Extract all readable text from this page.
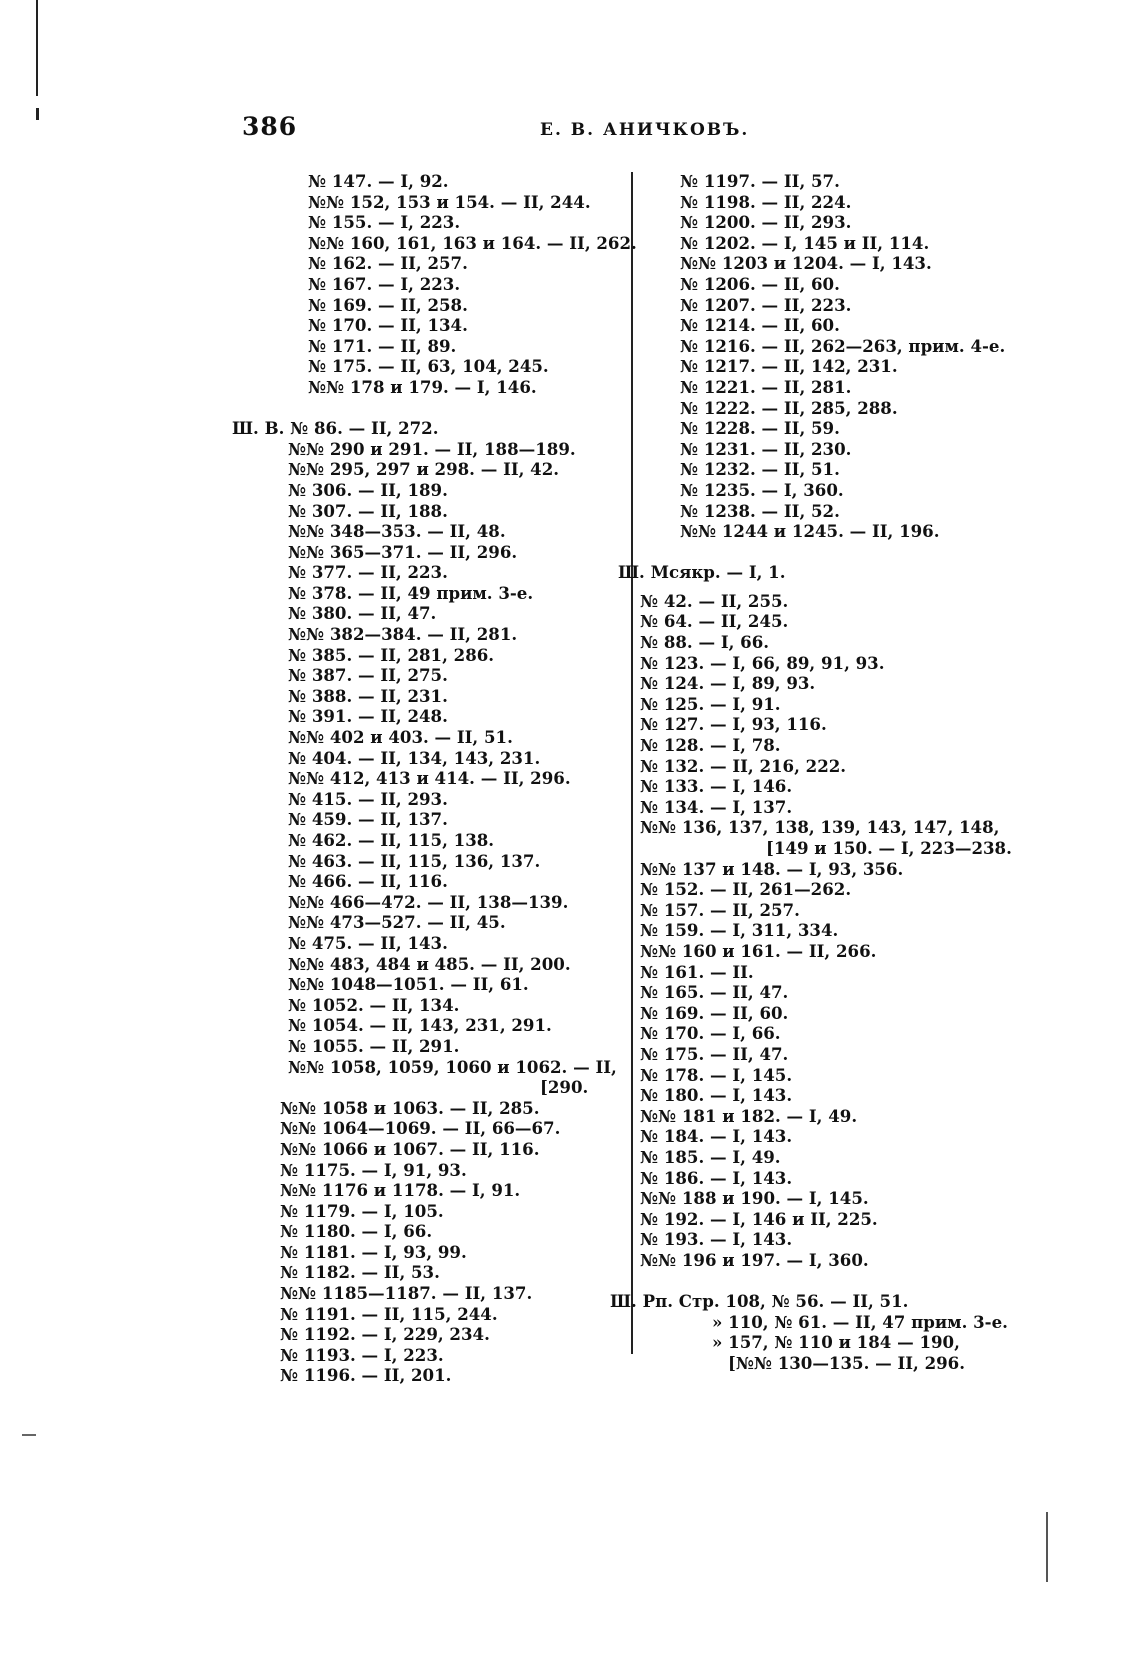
386	Е. В. АНИЧКОВЪ.
№ 147. — I, 92.
№№ 152, 153 и 154. — II, 244.
№ 155. — I, 223.
№№ 160, 161, 163 и 164. — II, 262.
№ 162. — II, 257.
№ 167. — I, 223.
№ 169. — II, 258.
№ 170. — II, 134.
№ 171. — II, 89.
№ 175. — II, 63, 104, 245.
№№ 178 и 179. — I, 146.
Ш. В. № 86. — II, 272.
№№ 290 и 291. — II, 188—189.
№№ 295, 297 и 298. — II, 42.
№ 306. — II, 189.
№ 307. — II, 188.
№№ 348—353. — II, 48.
№№ 365—371. — II, 296.
№ 377. — II, 223.
№ 378. — II, 49 прим. 3-е.
№ 380. — II, 47.
№№ 382—384. — II, 281.
№ 385. — II, 281, 286.
№ 387. — II, 275.
№ 388. — II, 231.
№ 391. — II, 248.
№№ 402 и 403. — II, 51.
№ 404. — II, 134, 143, 231.
№№ 412, 413 и 414. — II, 296.
№ 415. — II, 293.
№ 459. — II, 137.
№ 462. — II, 115, 138.
№ 463. — II, 115, 136, 137.
№ 466. — II, 116.
№№ 466—472. — II, 138—139.
№№ 473—527. — II, 45.
№ 475. — II, 143.
№№ 483, 484 и 485. — II, 200.
№№ 1048—1051. — II, 61.
№ 1052. — II, 134.
№ 1054. — II, 143, 231, 291.
№ 1055. — II, 291.
№№ 1058, 1059, 1060 и 1062. — II,
[290.
№№ 1058 и 1063. — II, 285.
№№ 1064—1069. — II, 66—67.
№№ 1066 и 1067. — II, 116.
№ 1175. — I, 91, 93.
№№ 1176 и 1178. — I, 91.
№ 1179. — I, 105.
№ 1180. — I, 66.
№ 1181. — I, 93, 99.
№ 1182. — II, 53.
№№ 1185—1187. — II, 137.
№ 1191. — II, 115, 244.
№ 1192. — I, 229, 234.
№ 1193. — I, 223.
№ 1196. — II, 201.
№ 1197. — II, 57.
№ 1198. — II, 224.
№ 1200. — II, 293.
№ 1202. — I, 145 и II, 114.
№№ 1203 и 1204. — I, 143.
№ 1206. — II, 60.
№ 1207. — II, 223.
№ 1214. — II, 60.
№ 1216. — II, 262—263, прим. 4-е.
№ 1217. — II, 142, 231.
№ 1221. — II, 281.
№ 1222. — II, 285, 288.
№ 1228. — II, 59.
№ 1231. — II, 230.
№ 1232. — II, 51.
№ 1235. — I, 360.
№ 1238. — II, 52.
№№ 1244 и 1245. — II, 196.
Ш. Мсякр. — I, 1.
№ 42. — II, 255.
№ 64. — II, 245.
№ 88. — I, 66.
№ 123. — I, 66, 89, 91, 93.
№ 124. — I, 89, 93.
№ 125. — I, 91.
№ 127. — I, 93, 116.
№ 128. — I, 78.
№ 132. — II, 216, 222.
№ 133. — I, 146.
№ 134. — I, 137.
№№ 136, 137, 138, 139, 143, 147, 148,
[149 и 150. — I, 223—238.
№№ 137 и 148. — I, 93, 356.
№ 152. — II, 261—262.
№ 157. — II, 257.
№ 159. — I, 311, 334.
№№ 160 и 161. — II, 266.
№ 161. — II.
№ 165. — II, 47.
№ 169. — II, 60.
№ 170. — I, 66.
№ 175. — II, 47.
№ 178. — I, 145.
№ 180. — I, 143.
№№ 181 и 182. — I, 49.
№ 184. — I, 143.
№ 185. — I, 49.
№ 186. — I, 143.
№№ 188 и 190. — I, 145.
№ 192. — I, 146 и II, 225.
№ 193. — I, 143.
№№ 196 и 197. — I, 360.
Ш. Рп. Стр. 108, № 56. — II, 51.
» 110, № 61. — II, 47 прим. 3-е.
» 157, № 110 и 184 — 190,
[№№ 130—135. — II, 296.
